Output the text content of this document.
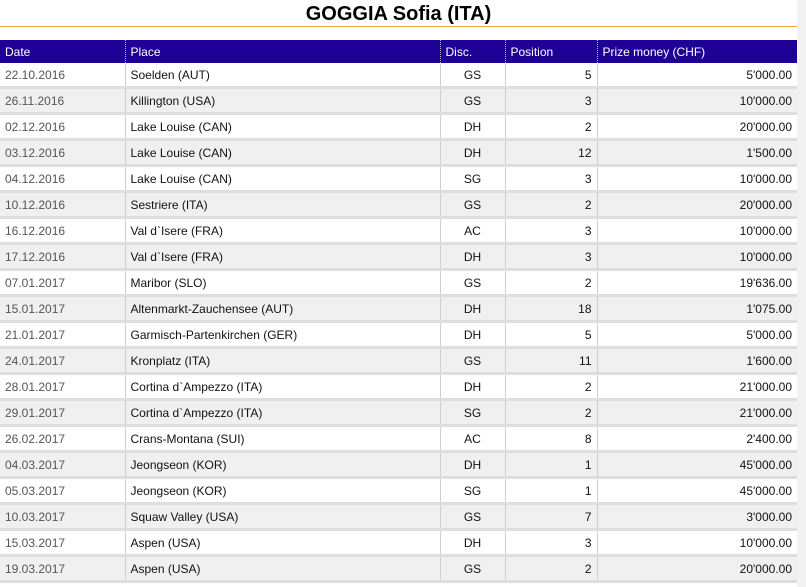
GOGGIA Sofia (ITA)
Date	Place	Disc.	Position	Prize money (CHF)
22.10.2016	Soelden (AUT)	GS	5	5'000.00
26.11.2016	Killington (USA)	GS	3	10'000.00
02.12.2016	Lake Louise (CAN)	DH	2	20'000.00
03.12.2016	Lake Louise (CAN)	DH	12	1'500.00
04.12.2016	Lake Louise (CAN)	SG	3	10'000.00
10.12.2016	Sestriere (ITA)	GS	2	20'000.00
16.12.2016	Val d`Isere (FRA)	AC	3	10'000.00
17.12.2016	Val d`Isere (FRA)	DH	3	10'000.00
07.01.2017	Maribor (SLO)	GS	2	19'636.00
15.01.2017	Altenmarkt-Zauchensee (AUT)	DH	18	1'075.00
21.01.2017	Garmisch-Partenkirchen (GER)	DH	5	5'000.00
24.01.2017	Kronplatz (ITA)	GS	11	1'600.00
28.01.2017	Cortina d`Ampezzo (ITA)	DH	2	21'000.00
29.01.2017	Cortina d`Ampezzo (ITA)	SG	2	21'000.00
26.02.2017	Crans-Montana (SUI)	AC	8	2'400.00
04.03.2017	Jeongseon (KOR)	DH	1	45'000.00
05.03.2017	Jeongseon (KOR)	SG	1	45'000.00
10.03.2017	Squaw Valley (USA)	GS	7	3'000.00
15.03.2017	Aspen (USA)	DH	3	10'000.00
19.03.2017	Aspen (USA)	GS	2	20'000.00
